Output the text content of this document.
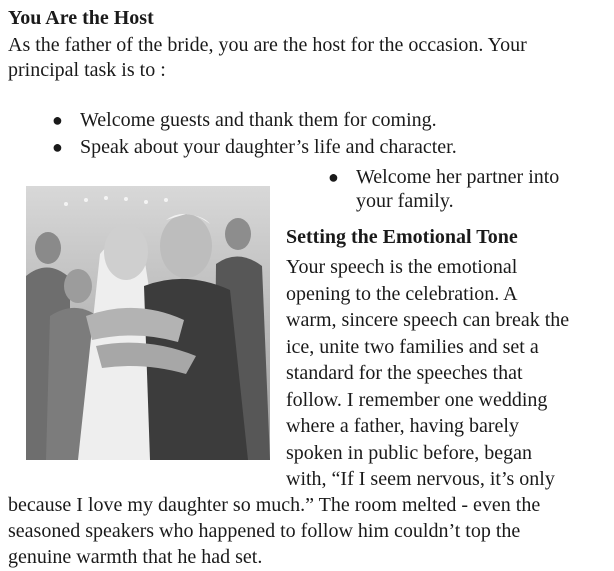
You Are the Host
As the father of the bride, you are the host for the occasion. Your
principal task is to :
● Welcome guests and thank them for coming.
● Speak about your daughter’s life and character.
● Welcome her partner into
your family.
Setting the Emotional Tone
Your speech is the emotional
opening to the celebration. A
warm, sincere speech can break the
ice, unite two families and set a
standard for the speeches that
follow. I remember one wedding
where a father, having barely
spoken in public before, began
with, “If I seem nervous, it’s only
because I love my daughter so much.” The room melted - even the
seasoned speakers who happened to follow him couldn’t top the
genuine warmth that he had set.
